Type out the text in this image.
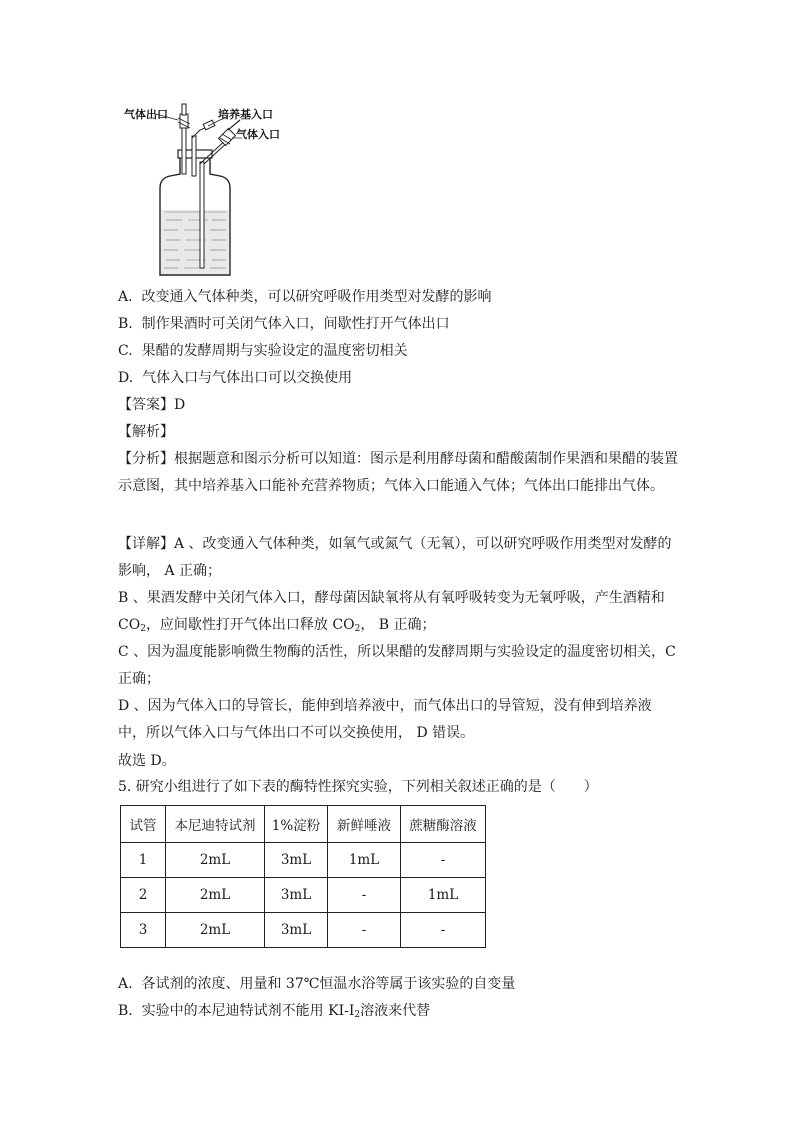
气体出口	培养基入口
气体入口
A. 改变通入气体种类，可以研究呼吸作用类型对发酵的影响
B. 制作果酒时可关闭气体入口，间歇性打开气体出口
C. 果醋的发酵周期与实验设定的温度密切相关
D. 气体入口与气体出口可以交换使用
【答案】D
【解析】
【分析】根据题意和图示分析可以知道：图示是利用酵母菌和醋酸菌制作果酒和果醋的装置示意图，其中培养基入口能补充营养物质；气体入口能通入气体；气体出口能排出气体。
【详解】A 、改变通入气体种类，如氧气或氮气（无氧），可以研究呼吸作用类型对发酵的影响， A 正确；
B 、果酒发酵中关闭气体入口，酵母菌因缺氧将从有氧呼吸转变为无氧呼吸，产生酒精和$CO_2$，应间歇性打开气体出口释放 $CO_2$， B 正确；
C 、因为温度能影响微生物酶的活性，所以果醋的发酵周期与实验设定的温度密切相关，C 正确；
D 、因为气体入口的导管长，能伸到培养液中，而气体出口的导管短，没有伸到培养液中，所以气体入口与气体出口不可以交换使用， D 错误。
故选 D。
5. 研究小组进行了如下表的酶特性探究实验，下列相关叙述正确的是（　　）
试管	本尼迪特试剂	1%淀粉	新鲜唾液	蔗糖酶溶液
1	2mL	3mL	1mL	-
2	2mL	3mL	-	1mL
3	2mL	3mL	-	-
A. 各试剂的浓度、用量和 37℃恒温水浴等属于该实验的自变量
B. 实验中的本尼迪特试剂不能用 $KI-I_2$溶液来代替
